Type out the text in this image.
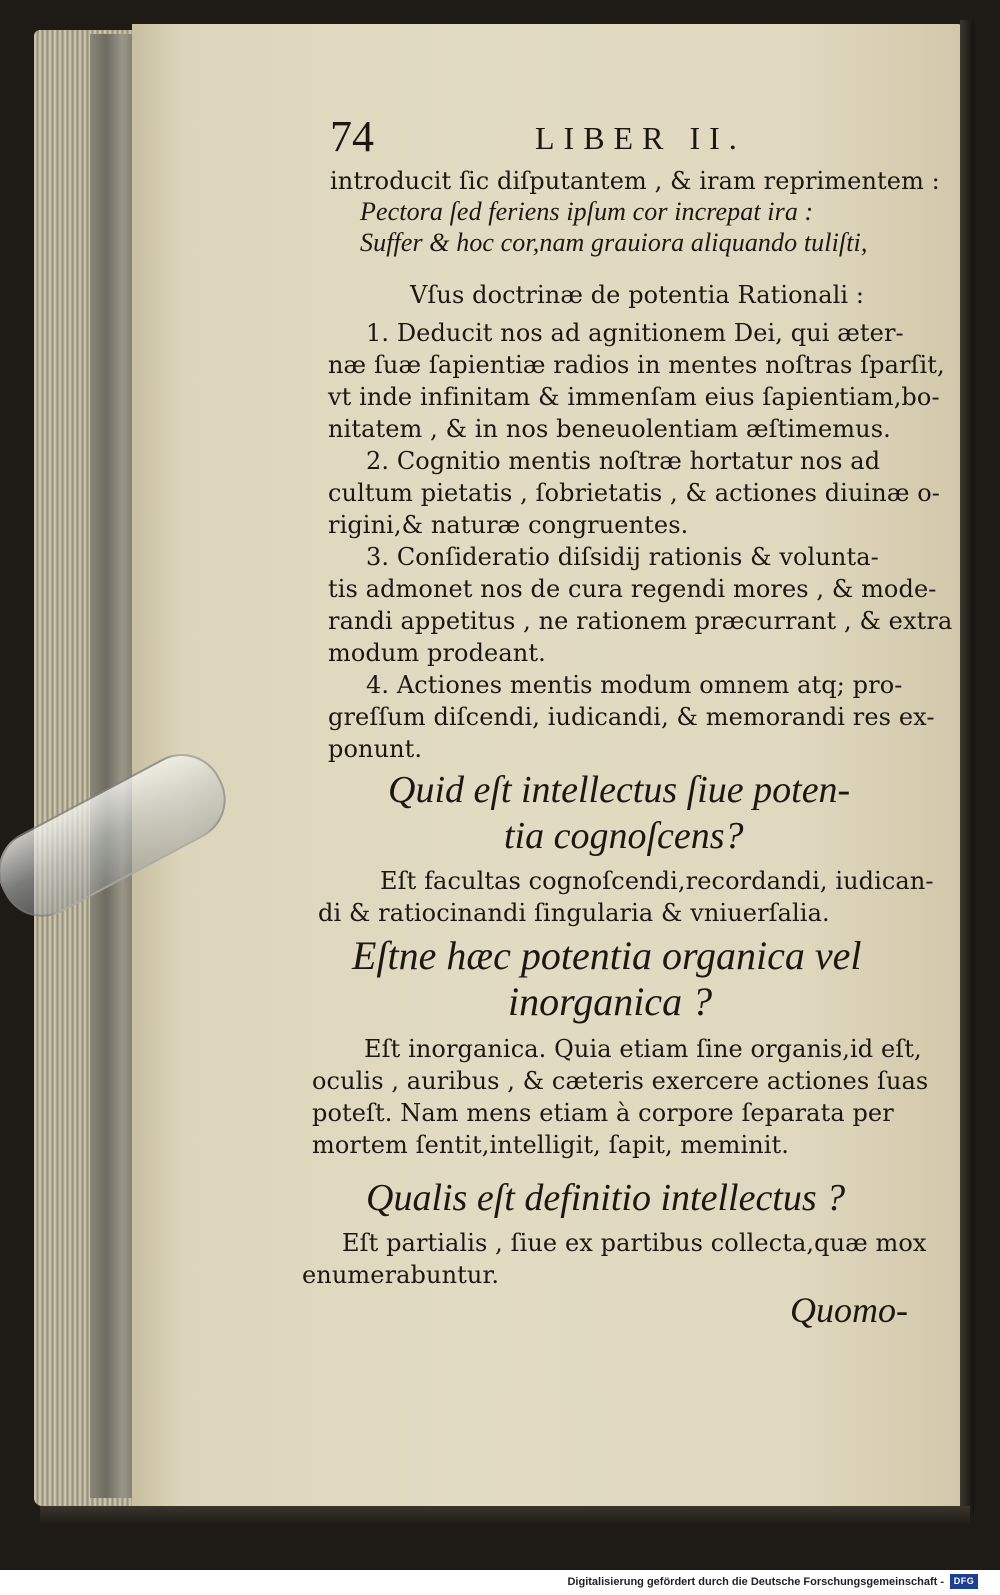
74	LIBER II.
introducit ſic diſputantem , & iram reprimentem :
Pectora ſed feriens ipſum cor increpat ira :
Suffer & hoc cor,nam grauiora aliquando tuliſti,
Vſus doctrinæ de potentia Rationali :
1. Deducit nos ad agnitionem Dei, qui æter-
næ ſuæ ſapientiæ radios in mentes noſtras ſparſit,
vt inde infinitam & immenſam eius ſapientiam,bo-
nitatem , & in nos beneuolentiam æſtimemus.
2. Cognitio mentis noſtræ hortatur nos ad
cultum pietatis , ſobrietatis , & actiones diuinæ o-
rigini,& naturæ congruentes.
3. Conſideratio diſsidij rationis & volunta-
tis admonet nos de cura regendi mores , & mode-
randi appetitus , ne rationem præcurrant , & extra
modum prodeant.
4. Actiones mentis modum omnem atq; pro-
greſſum diſcendi, iudicandi, & memorandi res ex-
ponunt.
Quid eſt intellectus ſiue poten-
tia cognoſcens?
Eſt facultas cognoſcendi,recordandi, iudican-
di & ratiocinandi ſingularia & vniuerſalia.
Eſtne hæc potentia organica vel
inorganica ?
Eſt inorganica. Quia etiam ſine organis,id eſt,
oculis , auribus , & cæteris exercere actiones ſuas
poteſt. Nam mens etiam à corpore ſeparata per
mortem ſentit,intelligit, ſapit, meminit.
Qualis eſt definitio intellectus ?
Eſt partialis , ſiue ex partibus collecta,quæ mox
enumerabuntur.
Quomo-
Digitalisierung gefördert durch die Deutsche Forschungsgemeinschaft -	DFG
